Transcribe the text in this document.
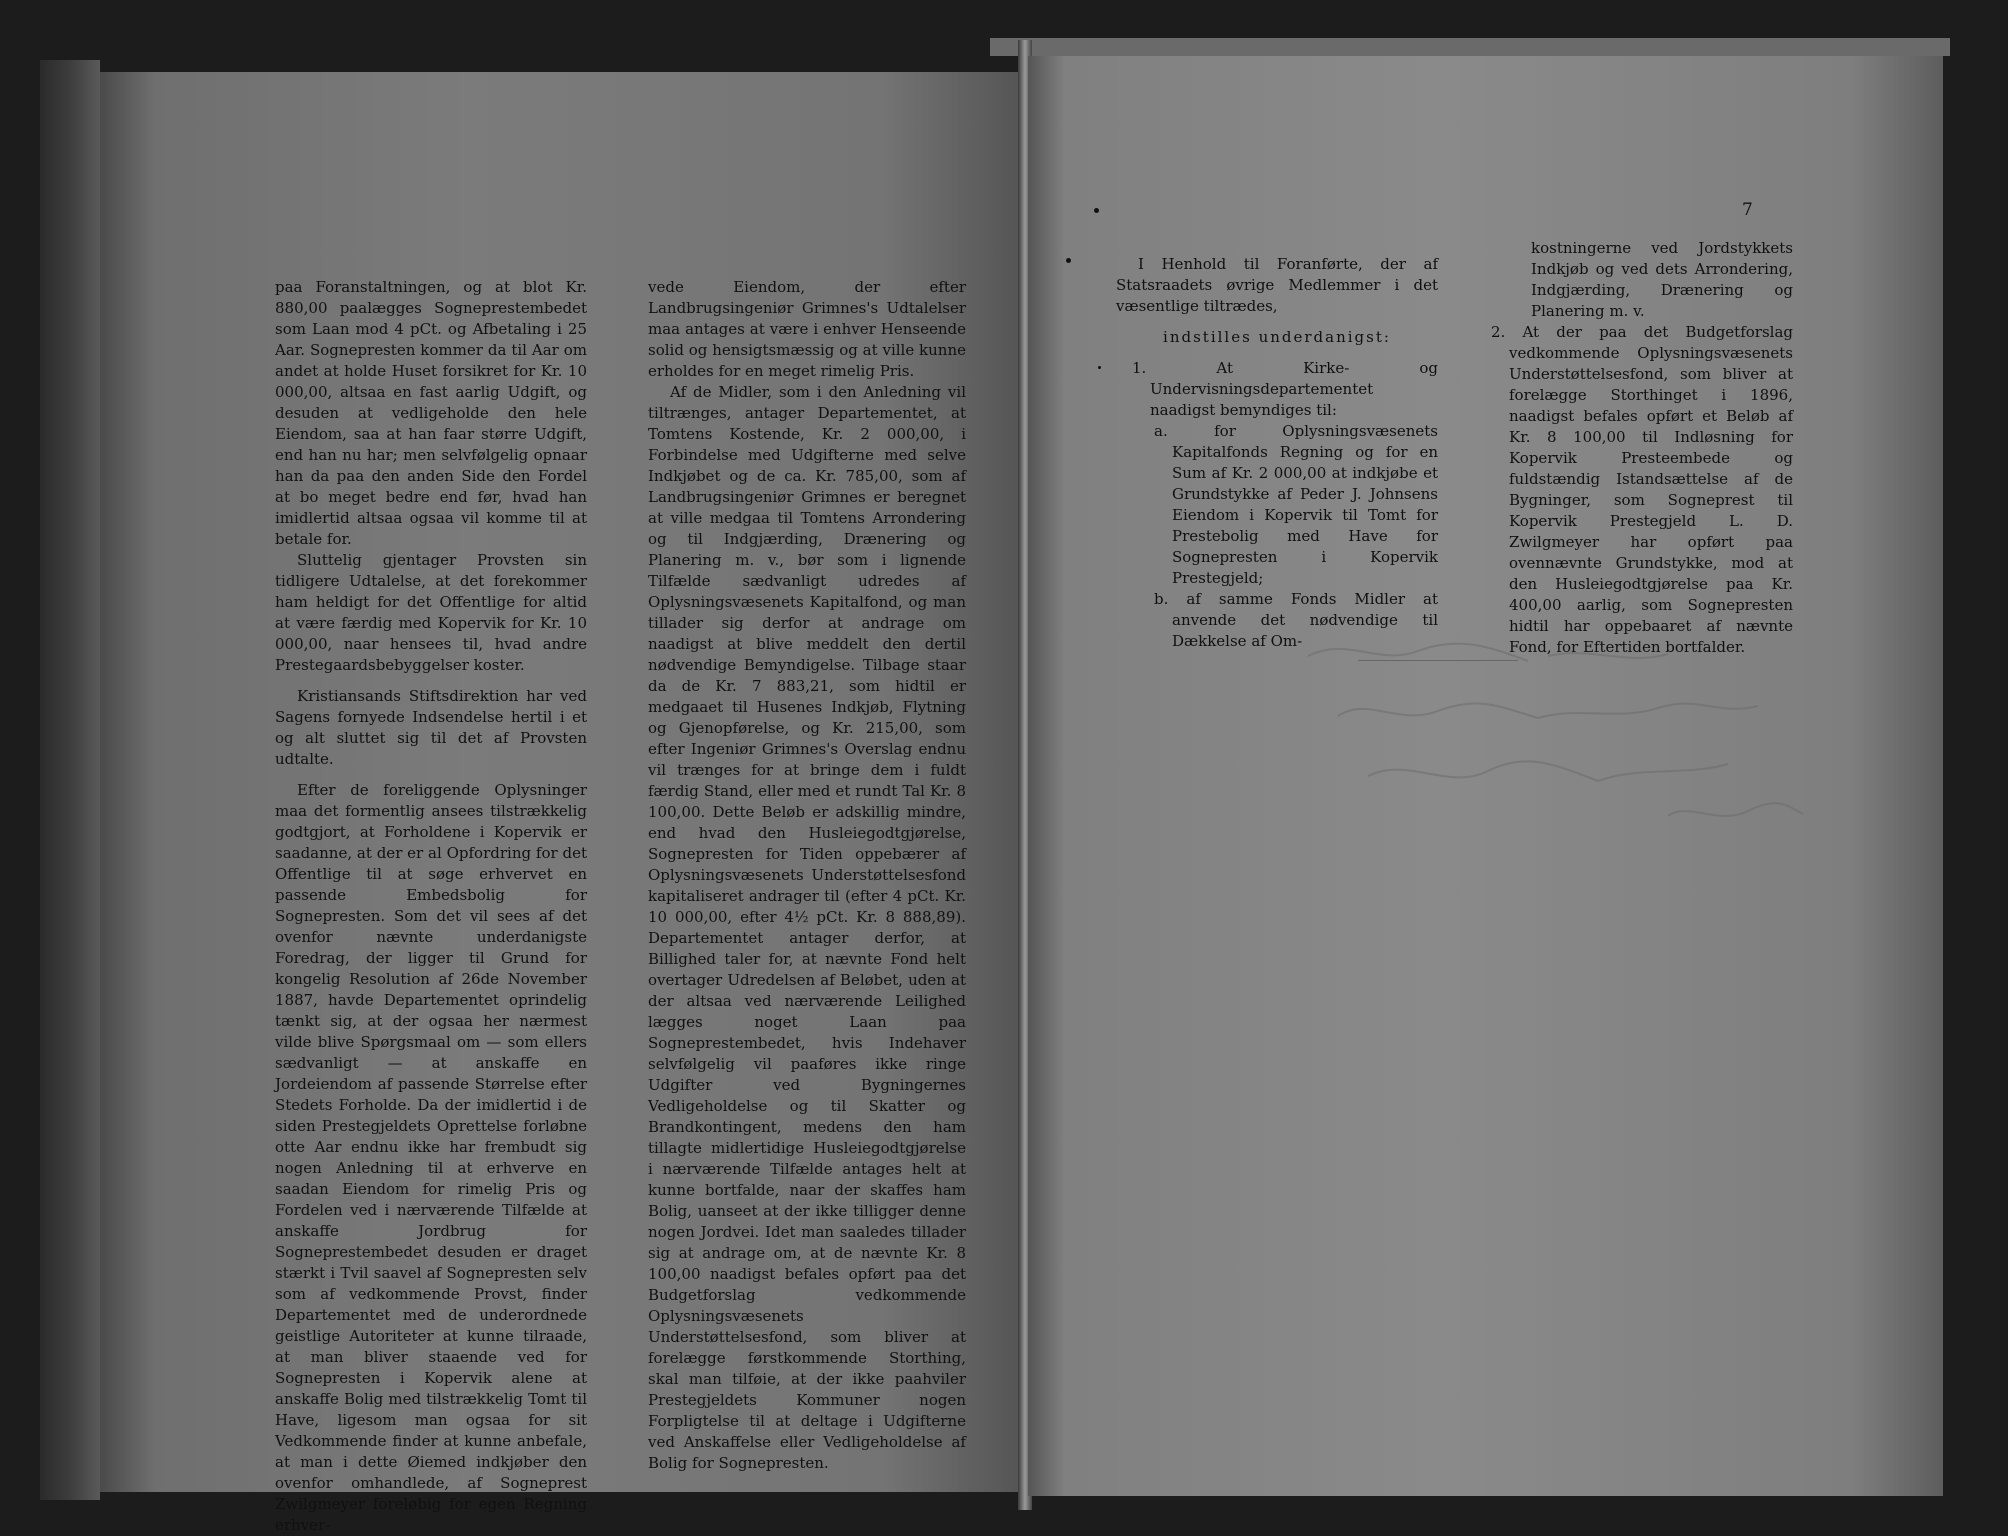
paa Foranstaltningen, og at blot Kr. 880,00 paalægges Sogneprestembedet som Laan mod 4 pCt. og Afbetaling i 25 Aar. Sognepresten kommer da til Aar om andet at holde Huset forsikret for Kr. 10 000,00, altsaa en fast aarlig Udgift, og desuden at vedligeholde den hele Eiendom, saa at han faar større Udgift, end han nu har; men selvfølgelig opnaar han da paa den anden Side den Fordel at bo meget bedre end før, hvad han imidlertid altsaa ogsaa vil komme til at betale for.

Sluttelig gjentager Provsten sin tidligere Udtalelse, at det forekommer ham heldigt for det Offentlige for altid at være færdig med Kopervik for Kr. 10 000,00, naar hensees til, hvad andre Prestegaardsbebyggelser koster.

Kristiansands Stiftsdirektion har ved Sagens fornyede Indsendelse hertil i et og alt sluttet sig til det af Provsten udtalte.

Efter de foreliggende Oplysninger maa det formentlig ansees tilstrækkelig godtgjort, at Forholdene i Kopervik er saadanne, at der er al Opfordring for det Offentlige til at søge erhvervet en passende Embedsbolig for Sognepresten. Som det vil sees af det ovenfor nævnte underdanigste Foredrag, der ligger til Grund for kongelig Resolution af 26de November 1887, havde Departementet oprindelig tænkt sig, at der ogsaa her nærmest vilde blive Spørgsmaal om — som ellers sædvanligt — at anskaffe en Jordeiendom af passende Størrelse efter Stedets Forholde. Da der imidlertid i de siden Prestegjeldets Oprettelse forløbne otte Aar endnu ikke har frembudt sig nogen Anledning til at erhverve en saadan Eiendom for rimelig Pris og Fordelen ved i nærværende Tilfælde at anskaffe Jordbrug for Sogneprestembedet desuden er draget stærkt i Tvil saavel af Sognepresten selv som af vedkommende Provst, finder Departementet med de underordnede geistlige Autoriteter at kunne tilraade, at man bliver staaende ved for Sognepresten i Kopervik alene at anskaffe Bolig med tilstrækkelig Tomt til Have, ligesom man ogsaa for sit Vedkommende finder at kunne anbefale, at man i dette Øiemed indkjøber den ovenfor omhandlede, af Sogneprest Zwilgmeyer foreløbig for egen Regning erhver-

vede Eiendom, der efter Landbrugsingeniør Grimnes's Udtalelser maa antages at være i enhver Henseende solid og hensigtsmæssig og at ville kunne erholdes for en meget rimelig Pris.

Af de Midler, som i den Anledning vil tiltrænges, antager Departementet, at Tomtens Kostende, Kr. 2 000,00, i Forbindelse med Udgifterne med selve Indkjøbet og de ca. Kr. 785,00, som af Landbrugsingeniør Grimnes er beregnet at ville medgaa til Tomtens Arrondering og til Indgjærding, Drænering og Planering m. v., bør som i lignende Tilfælde sædvanligt udredes af Oplysningsvæsenets Kapitalfond, og man tillader sig derfor at andrage om naadigst at blive meddelt den dertil nødvendige Bemyndigelse. Tilbage staar da de Kr. 7 883,21, som hidtil er medgaaet til Husenes Indkjøb, Flytning og Gjenopførelse, og Kr. 215,00, som efter Ingeniør Grimnes's Overslag endnu vil trænges for at bringe dem i fuldt færdig Stand, eller med et rundt Tal Kr. 8 100,00. Dette Beløb er adskillig mindre, end hvad den Husleiegodtgjørelse, Sognepresten for Tiden oppebærer af Oplysningsvæsenets Understøttelsesfond kapitaliseret andrager til (efter 4 pCt. Kr. 10 000,00, efter 4½ pCt. Kr. 8 888,89). Departementet antager derfor, at Billighed taler for, at nævnte Fond helt overtager Udredelsen af Beløbet, uden at der altsaa ved nærværende Leilighed lægges noget Laan paa Sogneprestembedet, hvis Indehaver selvfølgelig vil paaføres ikke ringe Udgifter ved Bygningernes Vedligeholdelse og til Skatter og Brandkontingent, medens den ham tillagte midlertidige Husleiegodtgjørelse i nærværende Tilfælde antages helt at kunne bortfalde, naar der skaffes ham Bolig, uanseet at der ikke tilligger denne nogen Jordvei. Idet man saaledes tillader sig at andrage om, at de nævnte Kr. 8 100,00 naadigst befales opført paa det Budgetforslag vedkommende Oplysningsvæsenets Understøttelsesfond, som bliver at forelægge førstkommende Storthing, skal man tilføie, at der ikke paahviler Prestegjeldets Kommuner nogen Forpligtelse til at deltage i Udgifterne ved Anskaffelse eller Vedligeholdelse af Bolig for Sognepresten.

7

I Henhold til Foranførte, der af Statsraadets øvrige Medlemmer i det væsentlige tiltrædes,

indstilles underdanigst:

1. At Kirke- og Undervisningsdepartementet naadigst bemyndiges til:

a. for Oplysningsvæsenets Kapitalfonds Regning og for en Sum af Kr. 2 000,00 at indkjøbe et Grundstykke af Peder J. Johnsens Eiendom i Kopervik til Tomt for Prestebolig med Have for Sognepresten i Kopervik Prestegjeld;

b. af samme Fonds Midler at anvende det nødvendige til Dækkelse af Om-

kostningerne ved Jordstykkets Indkjøb og ved dets Arrondering, Indgjærding, Drænering og Planering m. v.

2. At der paa det Budgetforslag vedkommende Oplysningsvæsenets Understøttelsesfond, som bliver at forelægge Storthinget i 1896, naadigst befales opført et Beløb af Kr. 8 100,00 til Indløsning for Kopervik Presteembede og fuldstændig Istandsættelse af de Bygninger, som Sogneprest til Kopervik Prestegjeld L. D. Zwilgmeyer har opført paa ovennævnte Grundstykke, mod at den Husleiegodtgjørelse paa Kr. 400,00 aarlig, som Sognepresten hidtil har oppebaaret af nævnte Fond, for Eftertiden bortfalder.
